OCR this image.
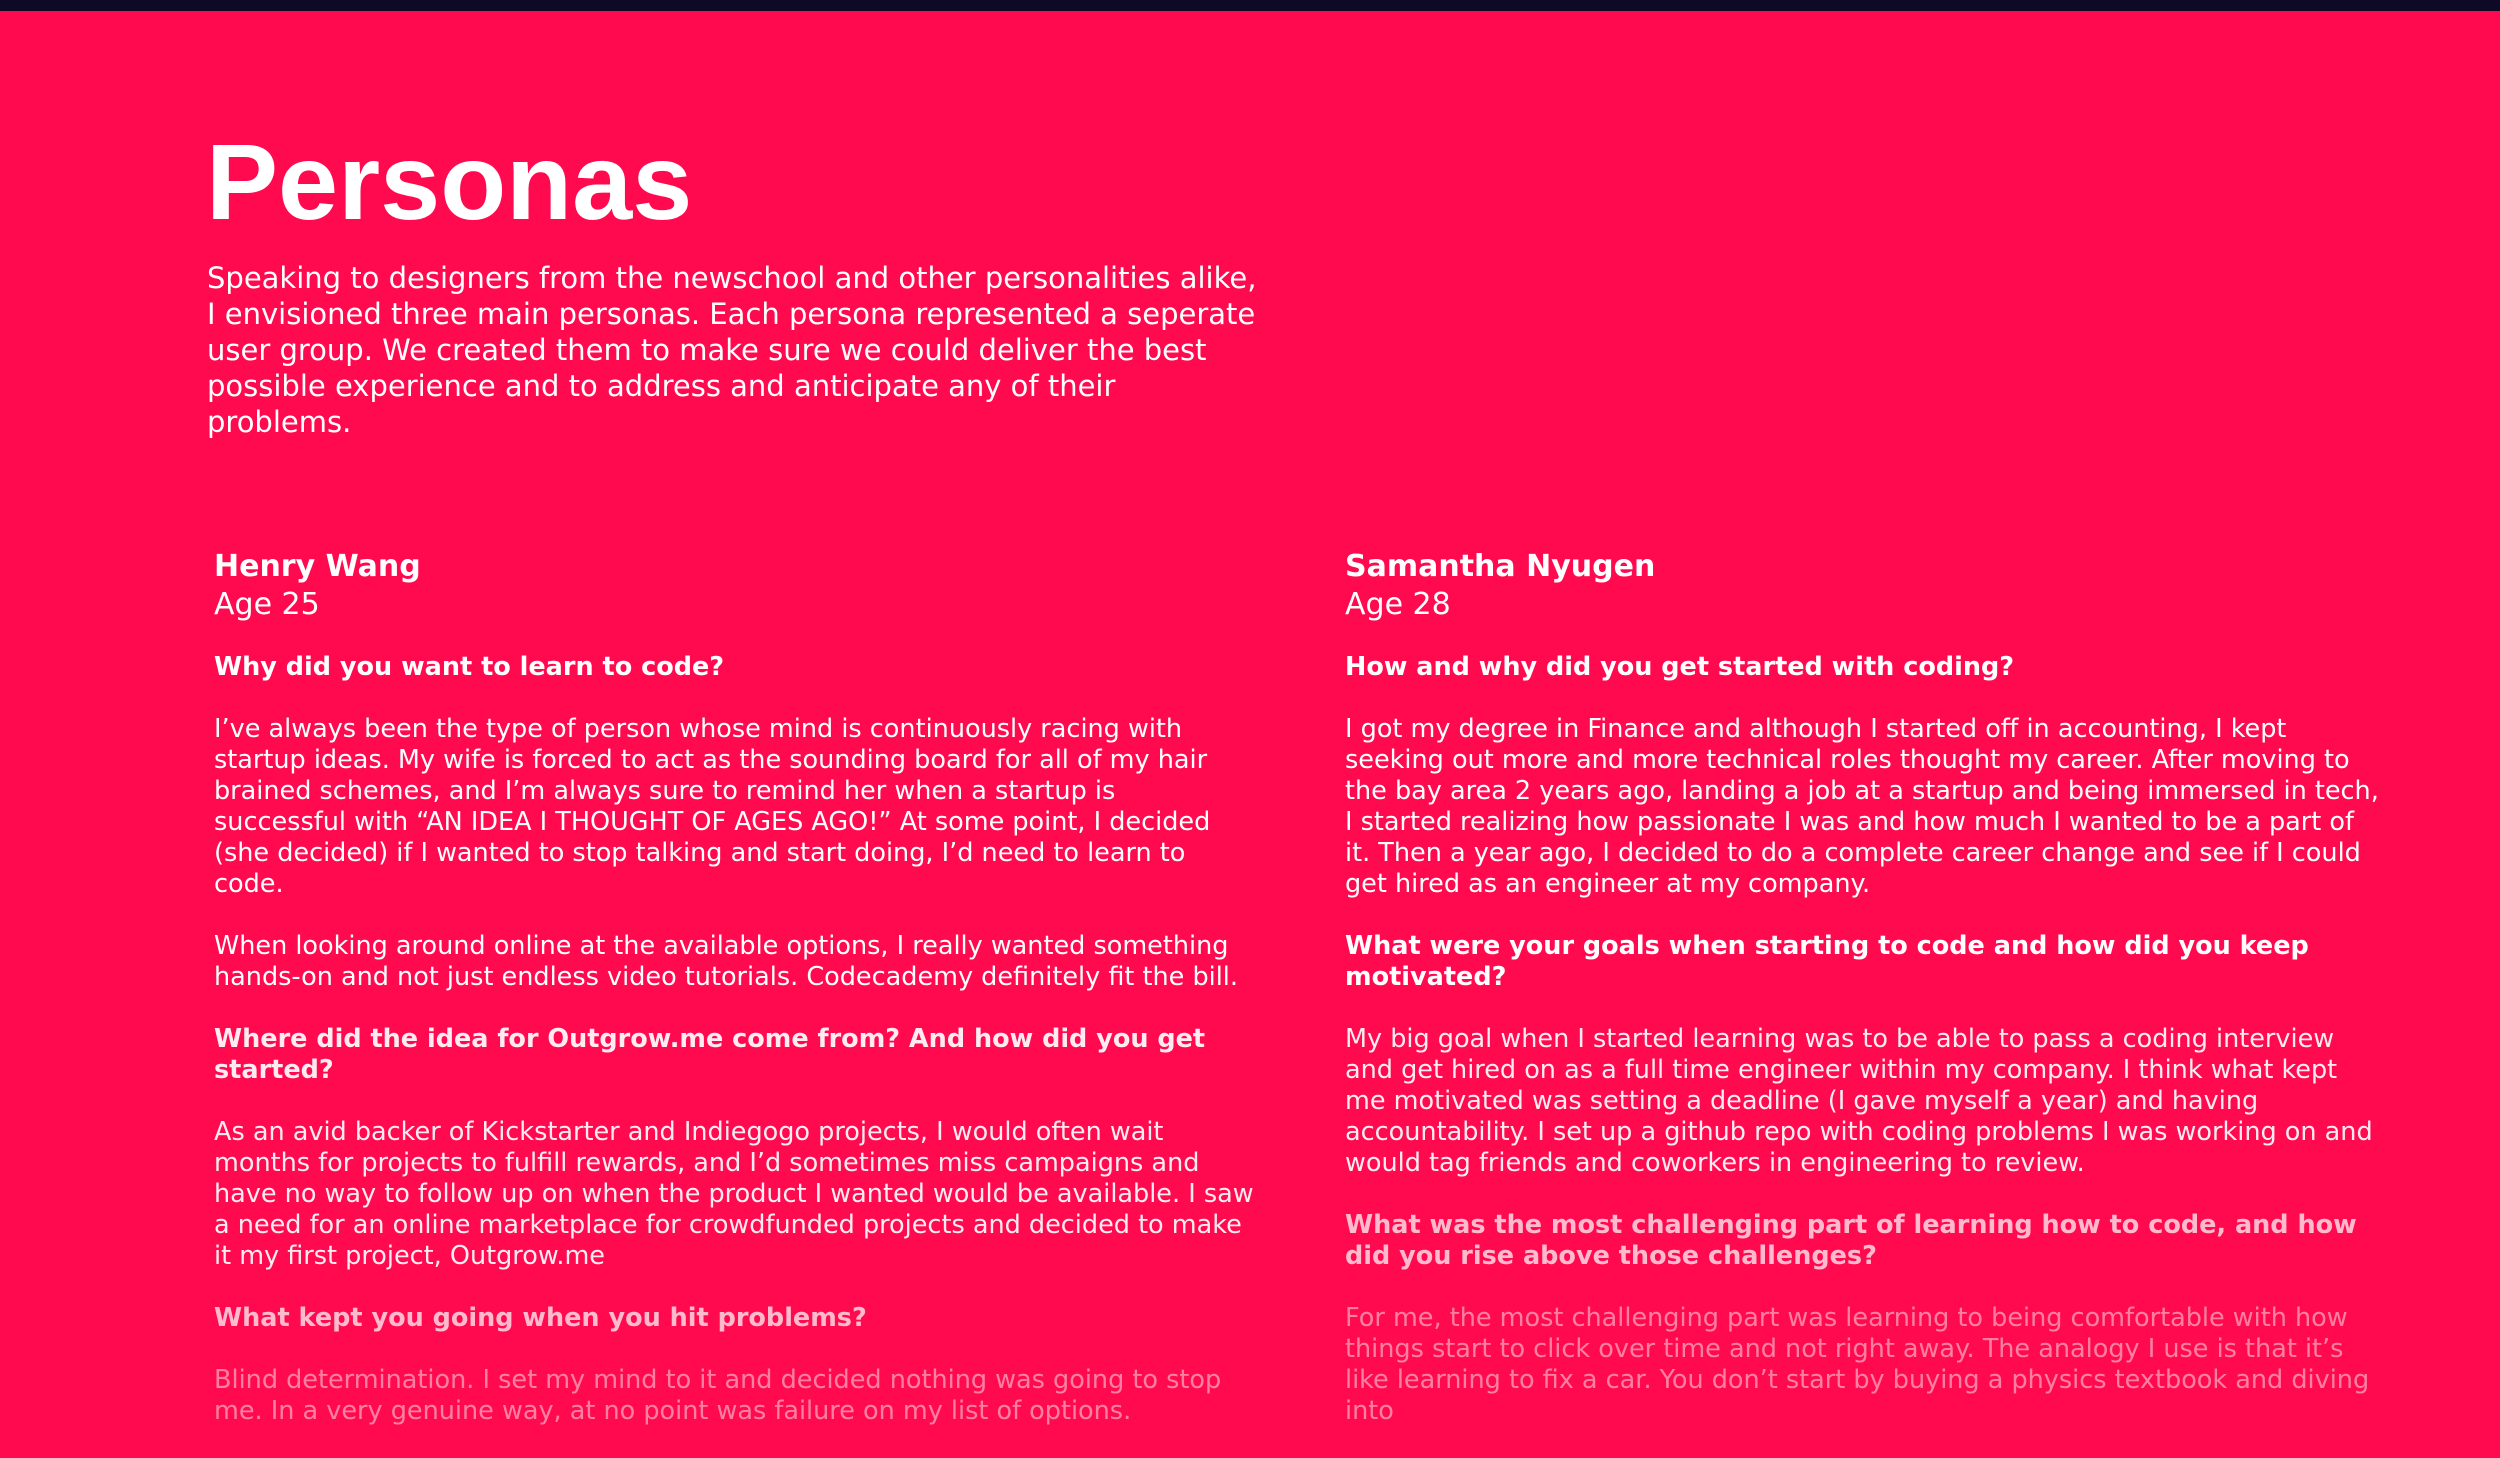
Personas

Speaking to designers from the newschool and other personalities alike, I envisioned three main personas. Each persona represented a seperate user group. We created them to make sure we could deliver the best possible experience and to address and anticipate any of their problems.

Henry Wang
Age 25
Why did you want to learn to code?
I’ve always been the type of person whose mind is continuously racing with startup ideas. My wife is forced to act as the sounding board for all of my hair brained schemes, and I’m always sure to remind her when a startup is successful with “AN IDEA I THOUGHT OF AGES AGO!” At some point, I decided (she decided) if I wanted to stop talking and start doing, I’d need to learn to code.
When looking around online at the available options, I really wanted something hands-on and not just endless video tutorials. Codecademy definitely fit the bill.
Where did the idea for Outgrow.me come from? And how did you get started?
As an avid backer of Kickstarter and Indiegogo projects, I would often wait months for projects to fulfill rewards, and I’d sometimes miss campaigns and have no way to follow up on when the product I wanted would be available. I saw a need for an online marketplace for crowdfunded projects and decided to make it my first project, Outgrow.me
What kept you going when you hit problems?
Blind determination. I set my mind to it and decided nothing was going to stop me. In a very genuine way, at no point was failure on my list of options.
Samantha Nyugen
Age 28
How and why did you get started with coding?
I got my degree in Finance and although I started off in accounting, I kept seeking out more and more technical roles thought my career. After moving to the bay area 2 years ago, landing a job at a startup and being immersed in tech, I started realizing how passionate I was and how much I wanted to be a part of it. Then a year ago, I decided to do a complete career change and see if I could get hired as an engineer at my company.
What were your goals when starting to code and how did you keep motivated?
My big goal when I started learning was to be able to pass a coding interview and get hired on as a full time engineer within my company. I think what kept me motivated was setting a deadline (I gave myself a year) and having accountability. I set up a github repo with coding problems I was working on and would tag friends and coworkers in engineering to review.
What was the most challenging part of learning how to code, and how did you rise above those challenges?
For me, the most challenging part was learning to being comfortable with how things start to click over time and not right away. The analogy I use is that it’s like learning to fix a car. You don’t start by buying a physics textbook and diving into
